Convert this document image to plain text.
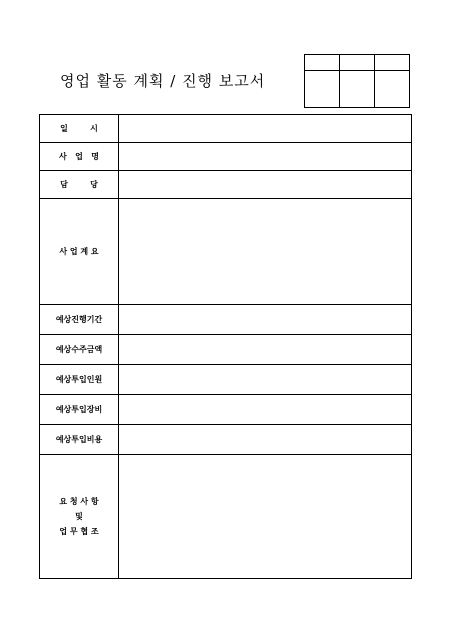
영업 활동 계획 / 진행 보고서

일        시	
사   업   명	
담        당	
사 업 계 요	
예상진행기간	
예상수주금액	
예상투입인원	
예상투입장비	
예상투입비용	
요 청 사 항
및
업 무 협 조	
